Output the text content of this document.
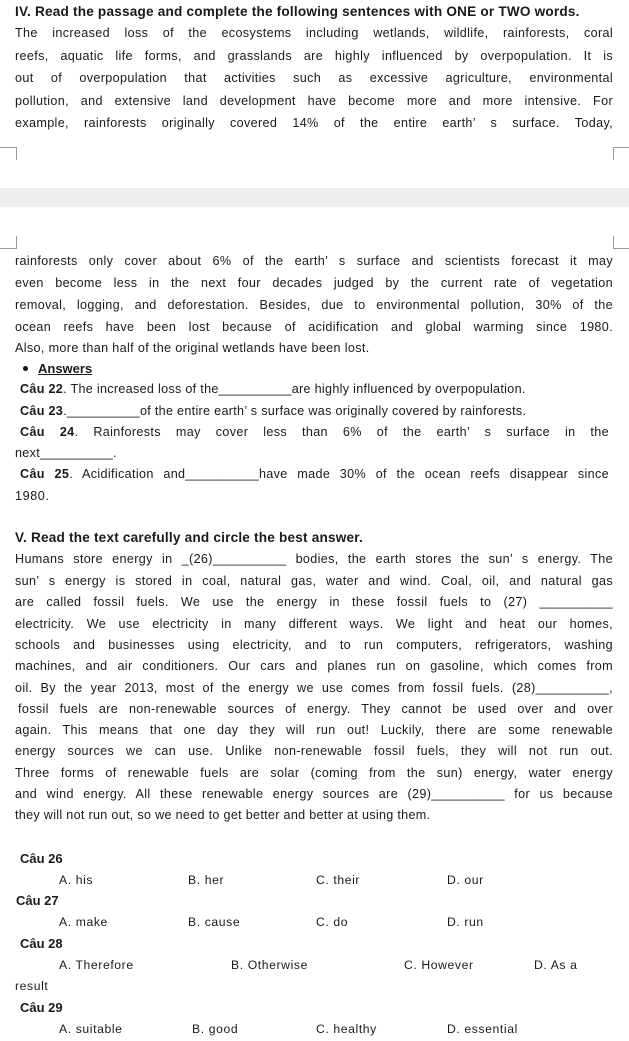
IV. Read the passage and complete the following sentences with ONE or TWO words.
The increased loss of the ecosystems including wetlands, wildlife, rainforests, coral
reefs, aquatic life forms, and grasslands are highly influenced by overpopulation. It is
out of overpopulation that activities such as excessive agriculture, environmental
pollution, and extensive land development have become more and more intensive. For
example, rainforests originally covered 14% of the entire earth’ s surface. Today,
rainforests only cover about 6% of the earth’ s surface and scientists forecast it may
even become less in the next four decades judged by the current rate of vegetation
removal, logging, and deforestation. Besides, due to environmental pollution, 30% of the
ocean reefs have been lost because of acidification and global warming since 1980.
Also, more than half of the original wetlands have been lost.
Answers
Câu 22. The increased loss of the__________are highly influenced by overpopulation.
Câu 23.__________of the entire earth’ s surface was originally covered by rainforests.
Câu 24. Rainforests may cover less than 6% of the earth’ s surface in the
next__________.
Câu 25. Acidification and__________have made 30% of the ocean reefs disappear since
1980.
V. Read the text carefully and circle the best answer.
Humans store energy in _(26)__________ bodies, the earth stores the sun’ s energy. The
sun’ s energy is stored in coal, natural gas, water and wind. Coal, oil, and natural gas
are called fossil fuels. We use the energy in these fossil fuels to (27) __________
electricity. We use electricity in many different ways. We light and heat our homes,
schools and businesses using electricity, and to run computers, refrigerators, washing
machines, and air conditioners. Our cars and planes run on gasoline, which comes from
oil. By the year 2013, most of the energy we use comes from fossil fuels. (28)__________,
fossil fuels are non-renewable sources of energy. They cannot be used over and over
again. This means that one day they will run out! Luckily, there are some renewable
energy sources we can use. Unlike non-renewable fossil fuels, they will not run out.
Three forms of renewable fuels are solar (coming from the sun) energy, water energy
and wind energy. All these renewable energy sources are (29)__________ for us because
they will not run out, so we need to get better and better at using them.
Câu 26
A. his	B. her	C. their	D. our
Câu 27
A. make	B. cause	C. do	D. run
Câu 28
A. Therefore	B. Otherwise	C. However	D. As a
result
Câu 29
A. suitable	B. good	C. healthy	D. essential
